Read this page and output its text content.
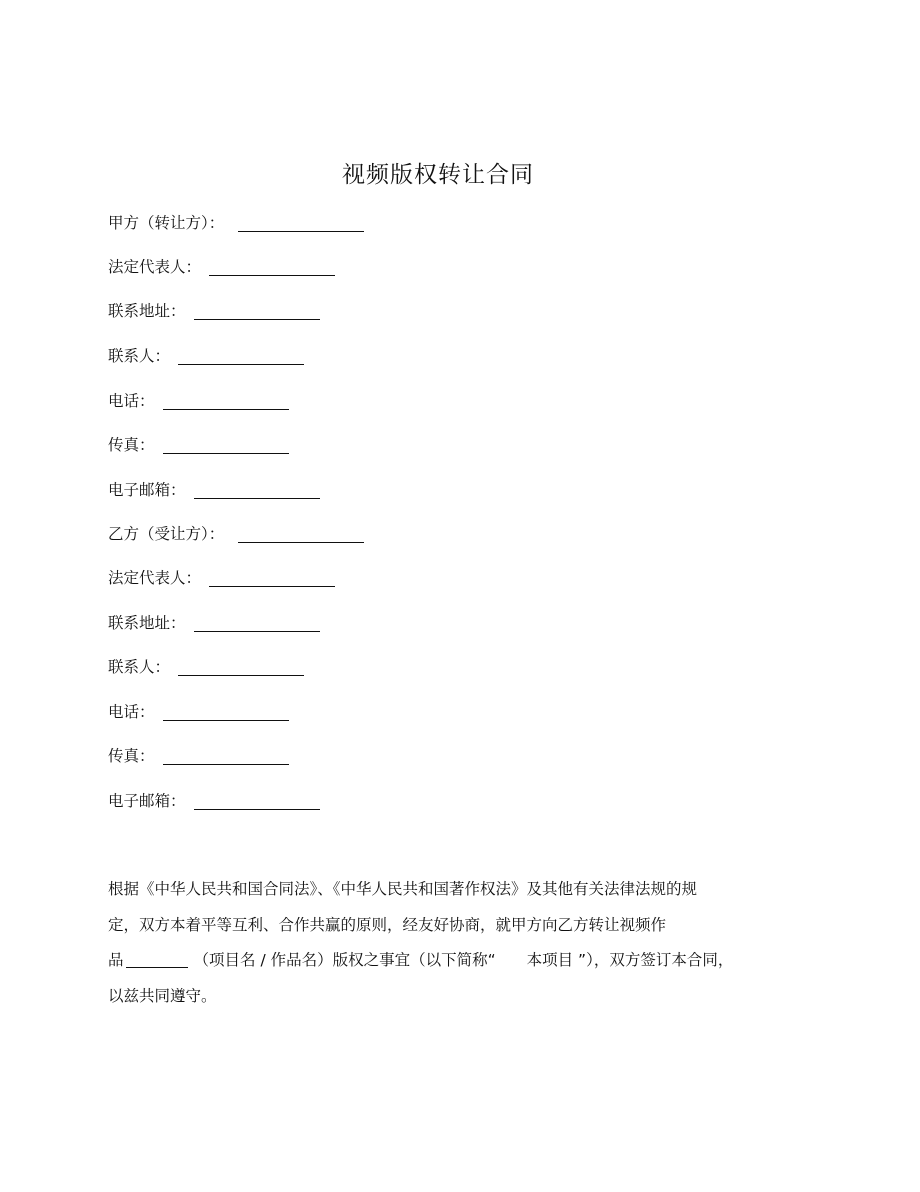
视频版权转让合同
甲方（转让方）：
法定代表人：
联系地址：
联系人：
电话：
传真：
电子邮箱：
乙方（受让方）：
法定代表人：
联系地址：
联系人：
电话：
传真：
电子邮箱：
根据《中华人民共和国合同法》、《中华人民共和国著作权法》及其他有关法律法规的规
定，双方本着平等互利、合作共赢的原则，经友好协商，就甲方向乙方转让视频作
品	（项目名 / 作品名）版权之事宜（以下简称“　　本项目 ”），双方签订本合同，
以兹共同遵守。
